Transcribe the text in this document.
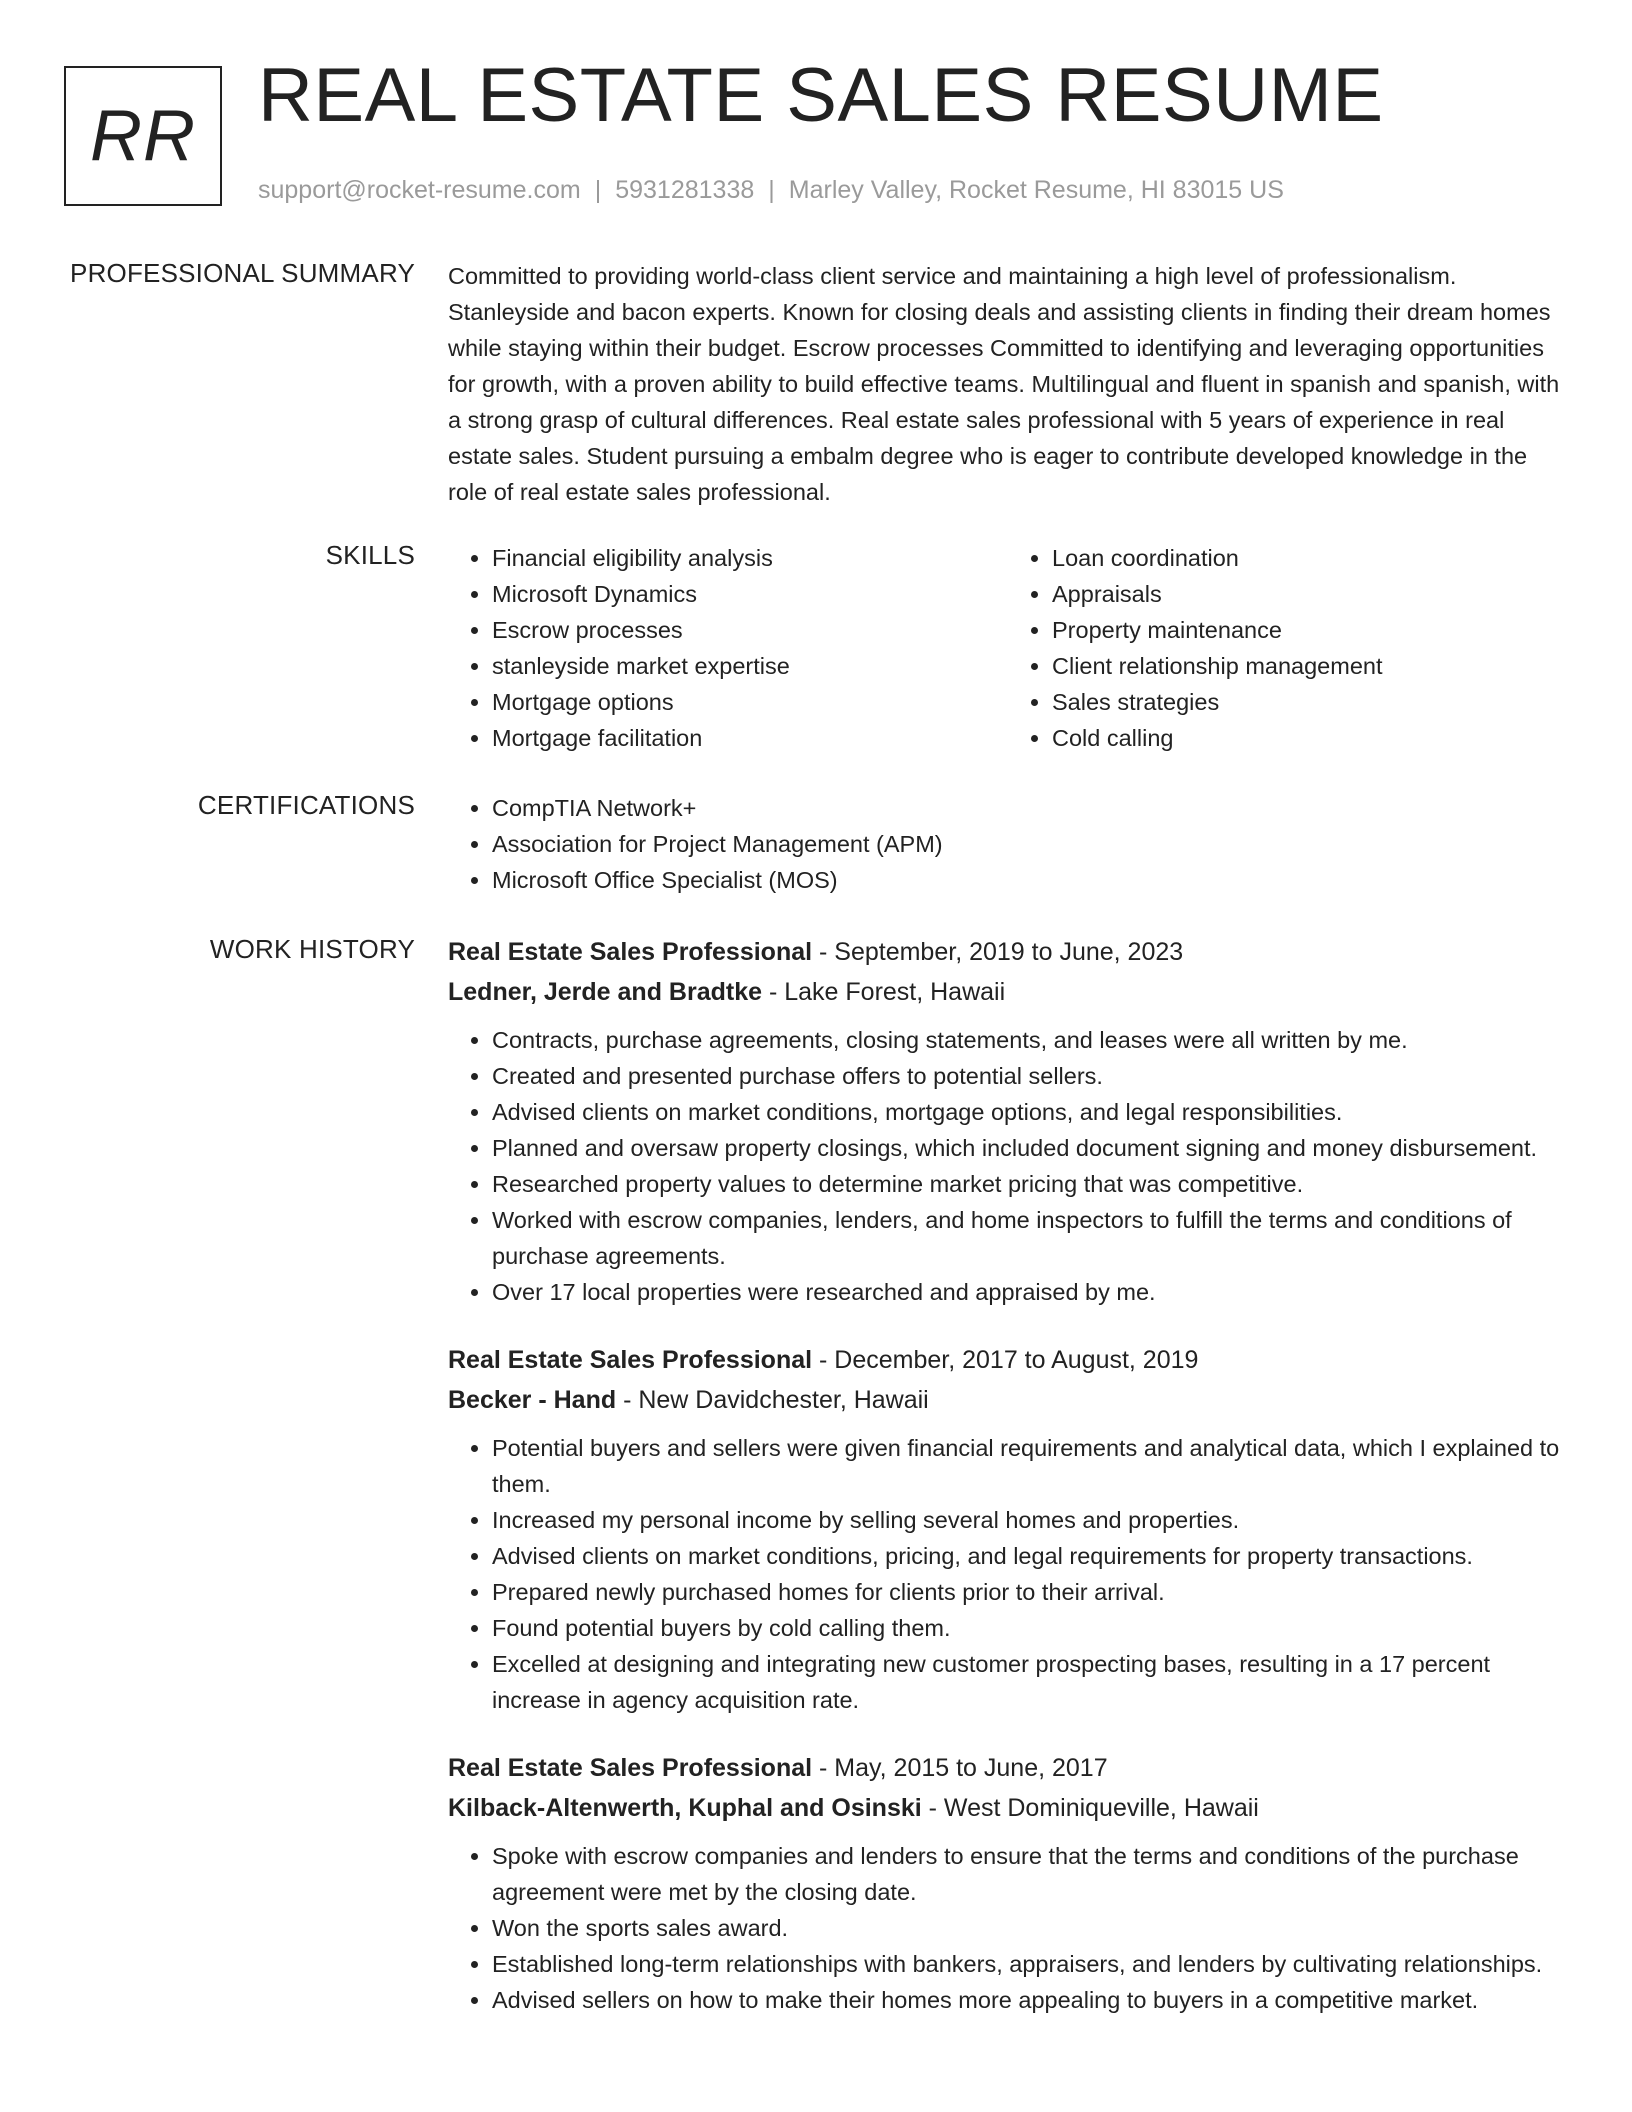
RR REAL ESTATE SALES RESUME
support@rocket-resume.com | 5931281338 | Marley Valley, Rocket Resume, HI 83015 US
PROFESSIONAL SUMMARY Committed to providing world-class client service and maintaining a high level of professionalism. Stanleyside and bacon experts. Known for closing deals and assisting clients in finding their dream homes while staying within their budget. Escrow processes Committed to identifying and leveraging opportunities for growth, with a proven ability to build effective teams. Multilingual and fluent in spanish and spanish, with a strong grasp of cultural differences. Real estate sales professional with 5 years of experience in real estate sales. Student pursuing a embalm degree who is eager to contribute developed knowledge in the role of real estate sales professional.
SKILLS	• Financial eligibility analysis
• Microsoft Dynamics
• Escrow processes
• stanleyside market expertise
• Mortgage options
• Mortgage facilitation
• Loan coordination
• Appraisals
• Property maintenance
• Client relationship management
• Sales strategies
• Cold calling
CERTIFICATIONS	• CompTIA Network+
• Association for Project Management (APM)
• Microsoft Office Specialist (MOS)
WORK HISTORY Real Estate Sales Professional - September, 2019 to June, 2023
Ledner, Jerde and Bradtke - Lake Forest, Hawaii
• Contracts, purchase agreements, closing statements, and leases were all written by me.
• Created and presented purchase offers to potential sellers.
• Advised clients on market conditions, mortgage options, and legal responsibilities.
• Planned and oversaw property closings, which included document signing and money disbursement.
• Researched property values to determine market pricing that was competitive.
• Worked with escrow companies, lenders, and home inspectors to fulfill the terms and conditions of purchase agreements.
• Over 17 local properties were researched and appraised by me.
Real Estate Sales Professional - December, 2017 to August, 2019
Becker - Hand - New Davidchester, Hawaii
• Potential buyers and sellers were given financial requirements and analytical data, which I explained to them.
• Increased my personal income by selling several homes and properties.
• Advised clients on market conditions, pricing, and legal requirements for property transactions.
• Prepared newly purchased homes for clients prior to their arrival.
• Found potential buyers by cold calling them.
• Excelled at designing and integrating new customer prospecting bases, resulting in a 17 percent increase in agency acquisition rate.
Real Estate Sales Professional - May, 2015 to June, 2017
Kilback-Altenwerth, Kuphal and Osinski - West Dominiqueville, Hawaii
• Spoke with escrow companies and lenders to ensure that the terms and conditions of the purchase agreement were met by the closing date.
• Won the sports sales award.
• Established long-term relationships with bankers, appraisers, and lenders by cultivating relationships.
• Advised sellers on how to make their homes more appealing to buyers in a competitive market.
